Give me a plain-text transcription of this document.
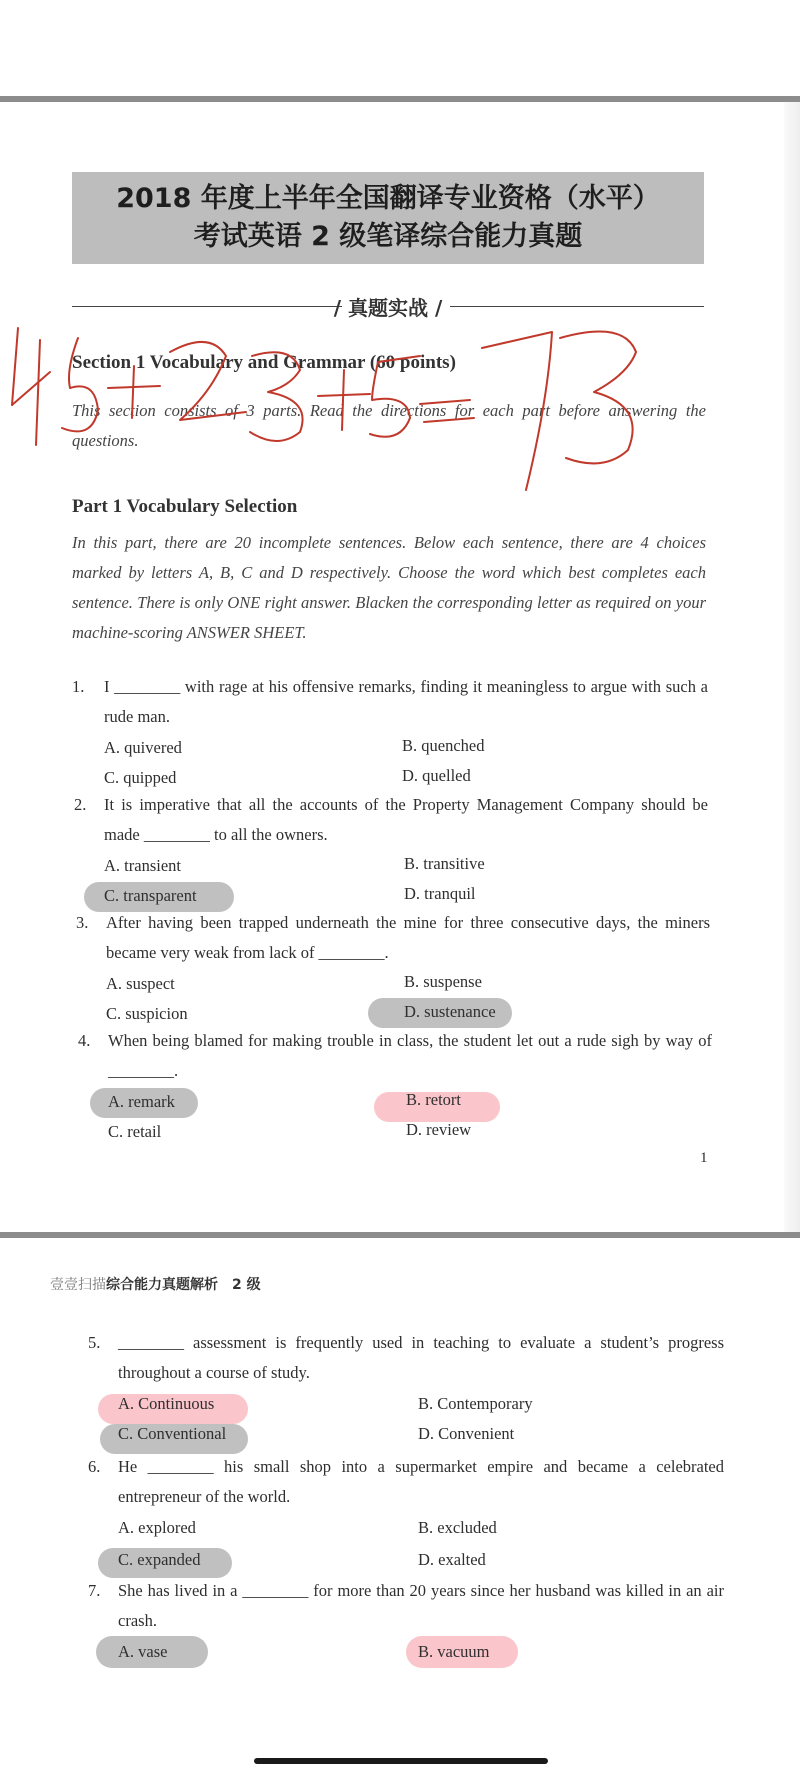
2018 年度上半年全国翻译专业资格（水平）
考试英语 2 级笔译综合能力真题
/ 真题实战 /
Section 1 Vocabulary and Grammar (60 points)
This section consists of 3 parts. Read the directions for each part before answering the questions.
Part 1 Vocabulary Selection
In this part, there are 20 incomplete sentences. Below each sentence, there are 4 choices marked by letters A, B, C and D respectively. Choose the word which best completes each sentence. There is only ONE right answer. Blacken the corresponding letter as required on your machine-scoring ANSWER SHEET.
1. I ________ with rage at his offensive remarks, finding it meaningless to argue with such a rude man.
A. quivered	B. quenched
C. quipped	D. quelled
2. It is imperative that all the accounts of the Property Management Company should be made ________ to all the owners.
A. transient	B. transitive
C. transparent	D. tranquil
3. After having been trapped underneath the mine for three consecutive days, the miners became very weak from lack of ________.
A. suspect	B. suspense
C. suspicion	D. sustenance
4. When being blamed for making trouble in class, the student let out a rude sigh by way of ________.
A. remark	B. retort
C. retail	D. review
1
壹壹扫描综合能力真题解析　2 级
5. ________ assessment is frequently used in teaching to evaluate a student’s progress throughout a course of study.
A. Continuous	B. Contemporary
C. Conventional	D. Convenient
6. He ________ his small shop into a supermarket empire and became a celebrated entrepreneur of the world.
A. explored	B. excluded
C. expanded	D. exalted
7. She has lived in a ________ for more than 20 years since her husband was killed in an air crash.
A. vase	B. vacuum
